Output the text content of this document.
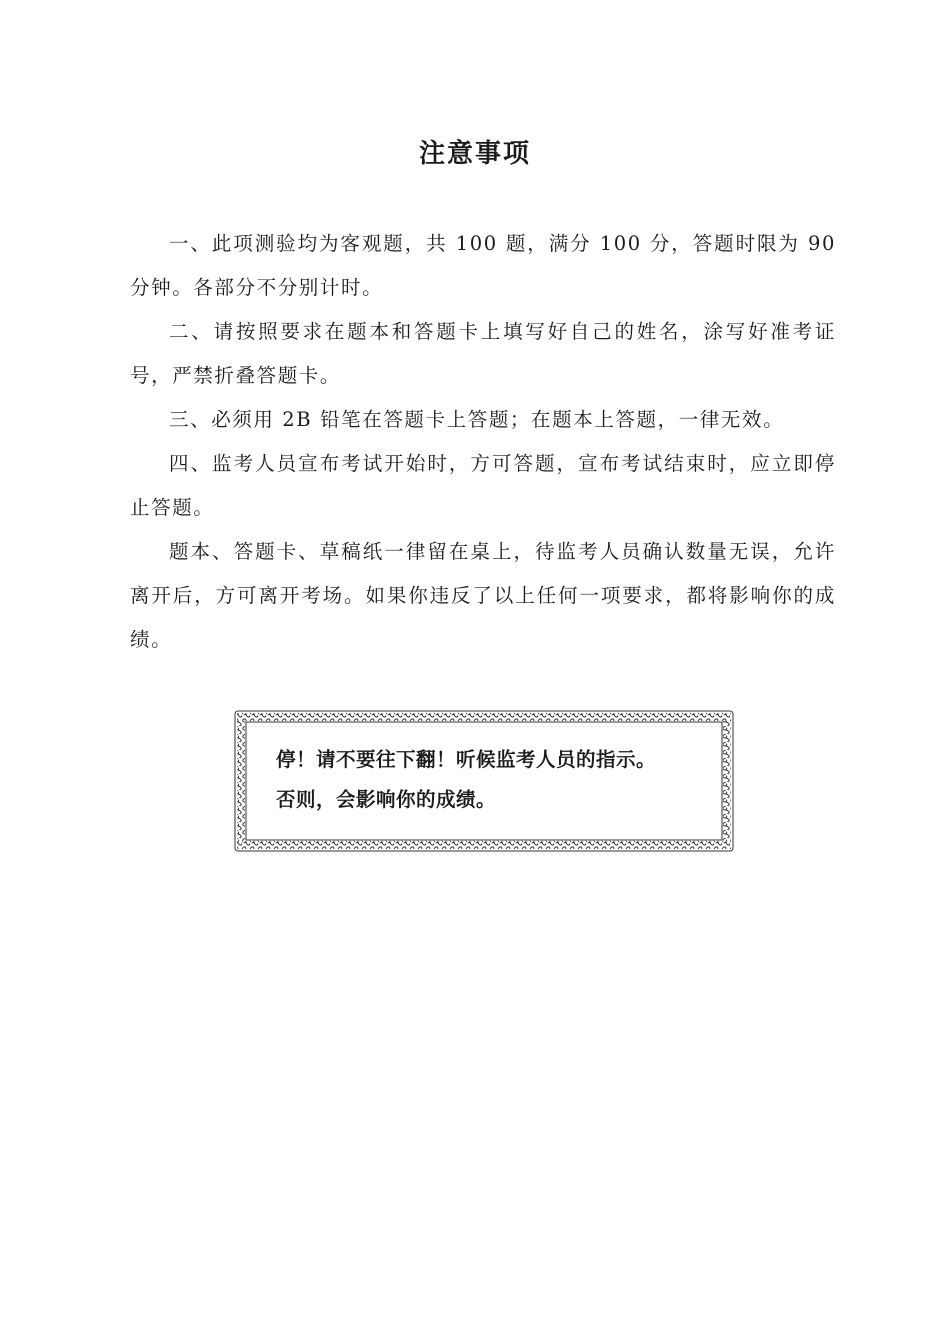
注意事项

一、此项测验均为客观题，共 100 题，满分 100 分，答题时限为 90 分钟。各部分不分别计时。

二、请按照要求在题本和答题卡上填写好自己的姓名，涂写好准考证号，严禁折叠答题卡。

三、必须用 2B 铅笔在答题卡上答题；在题本上答题，一律无效。

四、监考人员宣布考试开始时，方可答题，宣布考试结束时，应立即停止答题。

题本、答题卡、草稿纸一律留在桌上，待监考人员确认数量无误，允许离开后，方可离开考场。如果你违反了以上任何一项要求，都将影响你的成绩。

停！请不要往下翻！听候监考人员的指示。

否则，会影响你的成绩。
